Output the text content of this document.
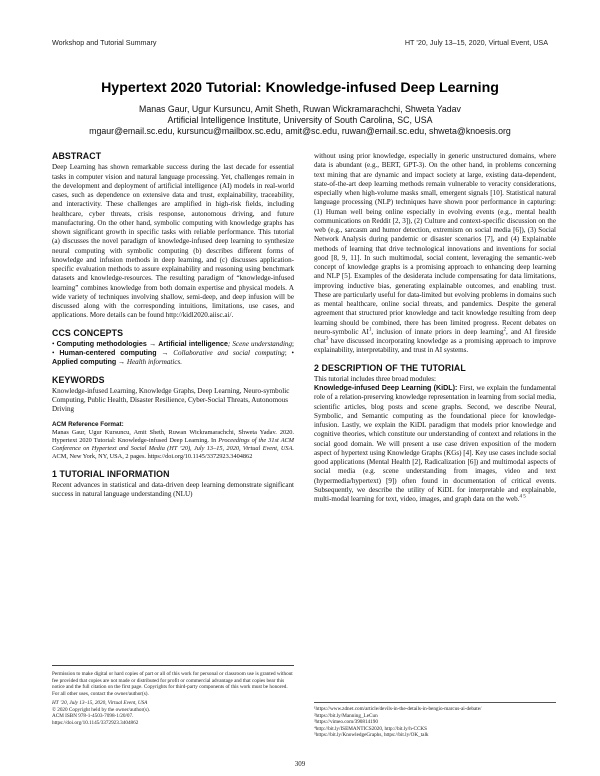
Workshop and Tutorial Summary	HT ’20, July 13–15, 2020, Virtual Event, USA
Hypertext 2020 Tutorial: Knowledge-infused Deep Learning
Manas Gaur, Ugur Kursuncu, Amit Sheth, Ruwan Wickramarachchi, Shweta Yadav
Artificial Intelligence Institute, University of South Carolina, SC, USA
mgaur@email.sc.edu, kursuncu@mailbox.sc.edu, amit@sc.edu, ruwan@email.sc.edu, shweta@knoesis.org
ABSTRACT

Deep Learning has shown remarkable success during the last decade for essential tasks in computer vision and natural language processing. Yet, challenges remain in the development and deployment of artificial intelligence (AI) models in real-world cases, such as dependence on extensive data and trust, explainability, traceability, and interactivity. These challenges are amplified in high-risk fields, including healthcare, cyber threats, crisis response, autonomous driving, and future manufacturing. On the other hand, symbolic computing with knowledge graphs has shown significant growth in specific tasks with reliable performance. This tutorial (a) discusses the novel paradigm of knowledge-infused deep learning to synthesize neural computing with symbolic computing (b) describes different forms of knowledge and infusion methods in deep learning, and (c) discusses application-specific evaluation methods to assure explainability and reasoning using benchmark datasets and knowledge-resources. The resulting paradigm of “knowledge-infused learning” combines knowledge from both domain expertise and physical models. A wide variety of techniques involving shallow, semi-deep, and deep infusion will be discussed along with the corresponding intuitions, limitations, use cases, and applications. More details can be found http://kidl2020.aiisc.ai/.

CCS CONCEPTS

• Computing methodologies → Artificial intelligence; Scene understanding; • Human-centered computing → Collaborative and social computing; • Applied computing → Health informatics.

KEYWORDS

Knowledge-infused Learning, Knowledge Graphs, Deep Learning, Neuro-symbolic Computing, Public Health, Disaster Resilience, Cyber-Social Threats, Autonomous Driving

ACM Reference Format:
Manas Gaur, Ugur Kursuncu, Amit Sheth, Ruwan Wickramarachchi, Shweta Yadav. 2020. Hypertext 2020 Tutorial: Knowledge-infused Deep Learning. In Proceedings of the 31st ACM Conference on Hypertext and Social Media (HT ’20), July 13–15, 2020, Virtual Event, USA. ACM, New York, NY, USA, 2 pages. https://doi.org/10.1145/3372923.3404862
1 TUTORIAL INFORMATION

Recent advances in statistical and data-driven deep learning demonstrate significant success in natural language understanding (NLU)

Permission to make digital or hard copies of part or all of this work for personal or classroom use is granted without fee provided that copies are not made or distributed for profit or commercial advantage and that copies bear this notice and the full citation on the first page. Copyrights for third-party components of this work must be honored. For all other uses, contact the owner/author(s).

HT ’20, July 13–15, 2020, Virtual Event, USA

© 2020 Copyright held by the owner/author(s).

ACM ISBN 978-1-4503-7098-1/20/07.

https://doi.org/10.1145/3372923.3404862

without using prior knowledge, especially in generic unstructured domains, where data is abundant (e.g., BERT, GPT-3). On the other hand, in problems concerning text mining that are dynamic and impact society at large, existing data-dependent, state-of-the-art deep learning methods remain vulnerable to veracity considerations, especially when high-volume masks small, emergent signals [10]. Statistical natural language processing (NLP) techniques have shown poor performance in capturing: (1) Human well being online especially in evolving events (e.g., mental health communications on Reddit [2, 3]), (2) Culture and context-specific discussion on the web (e.g., sarcasm and humor detection, extremism on social media [6]), (3) Social Network Analysis during pandemic or disaster scenarios [7], and (4) Explainable methods of learning that drive technological innovations and inventions for social good [8, 9, 11]. In such multimodal, social content, leveraging the semantic-web concept of knowledge graphs is a promising approach to enhancing deep learning and NLP [5]. Examples of the desiderata include compensating for data limitations, improving inductive bias, generating explainable outcomes, and enabling trust. These are particularly useful for data-limited but evolving problems in domains such as mental healthcare, online social threats, and pandemics. Despite the general agreement that structured prior knowledge and tacit knowledge resulting from deep learning should be combined, there has been limited progress. Recent debates on neuro-symbolic $AI^1$, inclusion of innate priors in deep learning$^2$, and AI fireside chat$^3$ have discussed incorporating knowledge as a promising approach to improve explainability, interpretability, and trust in AI systems.

2 DESCRIPTION OF THE TUTORIAL

This tutorial includes three broad modules:

Knowledge-infused Deep Learning (KiDL): First, we explain the fundamental role of a relation-preserving knowledge representation in learning from social media, scientific articles, blog posts and scene graphs. Second, we describe Neural, Symbolic, and Semantic computing as the foundational piece for knowledge-infusion. Lastly, we explain the KiDL paradigm that models prior knowledge and cognitive theories, which constitute our understanding of context and relations in the social good domain. We will present a use case driven exposition of the modern aspect of hypertext using Knowledge Graphs (KGs) [4]. Key use cases include social good applications (Mental Health [2], Radicalization [6]) and multimodal aspects of social media (e.g. scene understanding from images, video and text (hypermedia/hypertext) [9]) often found in documentation of critical events. Subsequently, we describe the utility of KiDL for interpretable and explainable, multi-modal learning for text, video, images, and graph data on the web.$^{4 5}$

¹https://www.zdnet.com/article/devils-in-the-details-in-bengio-marcus-ai-debate/
²https://bit.ly/Manning_LeCun
³https://vimeo.com/390814190
⁴http://bit.ly/ISEMANTICS2020, http://bit.ly/h-CCKS
⁵https://bit.ly/KnowledgeGraphs, https://bit.ly/OK_talk
309
